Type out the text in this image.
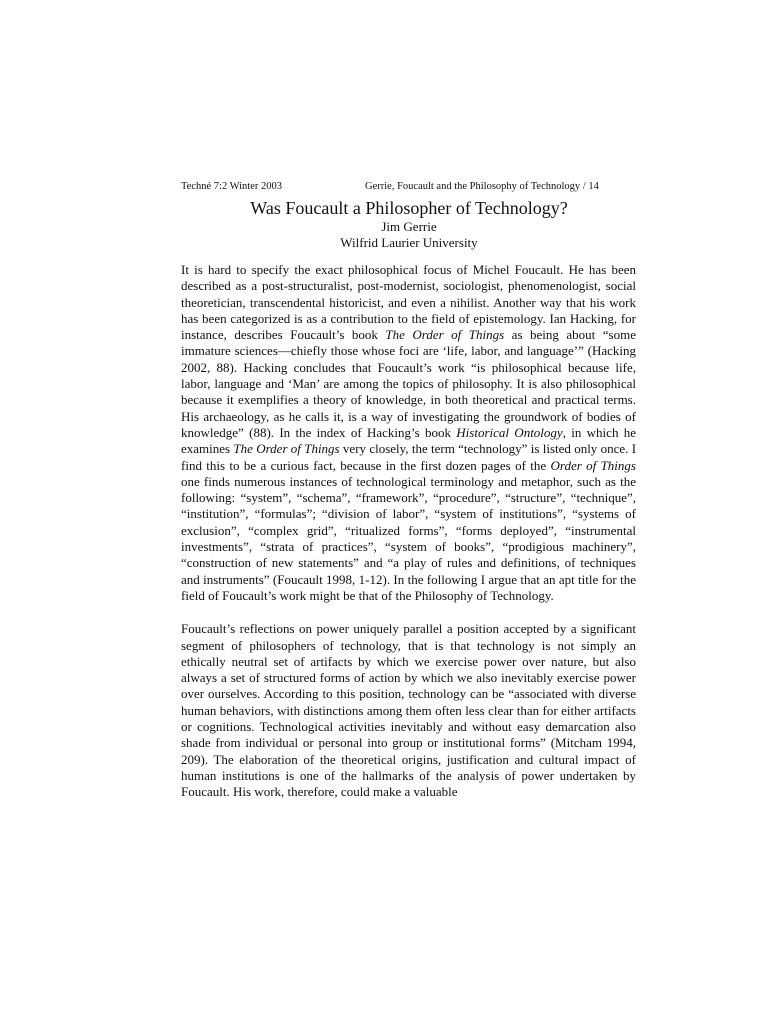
Techné 7:2 Winter 2003	Gerrie, Foucault and the Philosophy of Technology / 14
Was Foucault a Philosopher of Technology?
Jim Gerrie
Wilfrid Laurier University

It is hard to specify the exact philosophical focus of Michel Foucault. He has been described as a post-structuralist, post-modernist, sociologist, phenomenologist, social theoretician, transcendental historicist, and even a nihilist. Another way that his work has been categorized is as a contribution to the field of epistemology. Ian Hacking, for instance, describes Foucault’s book The Order of Things as being about “some immature sciences—chiefly those whose foci are ‘life, labor, and language’” (Hacking 2002, 88). Hacking concludes that Foucault’s work “is philosophical because life, labor, language and ‘Man’ are among the topics of philosophy. It is also philosophical because it exemplifies a theory of knowledge, in both theoretical and practical terms. His archaeology, as he calls it, is a way of investigating the groundwork of bodies of knowledge” (88). In the index of Hacking’s book Historical Ontology, in which he examines The Order of Things very closely, the term “technology” is listed only once. I find this to be a curious fact, because in the first dozen pages of the Order of Things one finds numerous instances of technological terminology and metaphor, such as the following: “system”, “schema”, “framework”, “procedure”, “structure”, “technique”, “institution”, “formulas”; “division of labor”, “system of institutions”, “systems of exclusion”, “complex grid”, “ritualized forms”, “forms deployed”, “instrumental investments”, “strata of practices”, “system of books”, “prodigious machinery”, “construction of new statements” and “a play of rules and definitions, of techniques and instruments” (Foucault 1998, 1-12). In the following I argue that an apt title for the field of Foucault’s work might be that of the Philosophy of Technology.

Foucault’s reflections on power uniquely parallel a position accepted by a significant segment of philosophers of technology, that is that technology is not simply an ethically neutral set of artifacts by which we exercise power over nature, but also always a set of structured forms of action by which we also inevitably exercise power over ourselves. According to this position, technology can be “associated with diverse human behaviors, with distinctions among them often less clear than for either artifacts or cognitions. Technological activities inevitably and without easy demarcation also shade from individual or personal into group or institutional forms” (Mitcham 1994, 209). The elaboration of the theoretical origins, justification and cultural impact of human institutions is one of the hallmarks of the analysis of power undertaken by Foucault. His work, therefore, could make a valuable
